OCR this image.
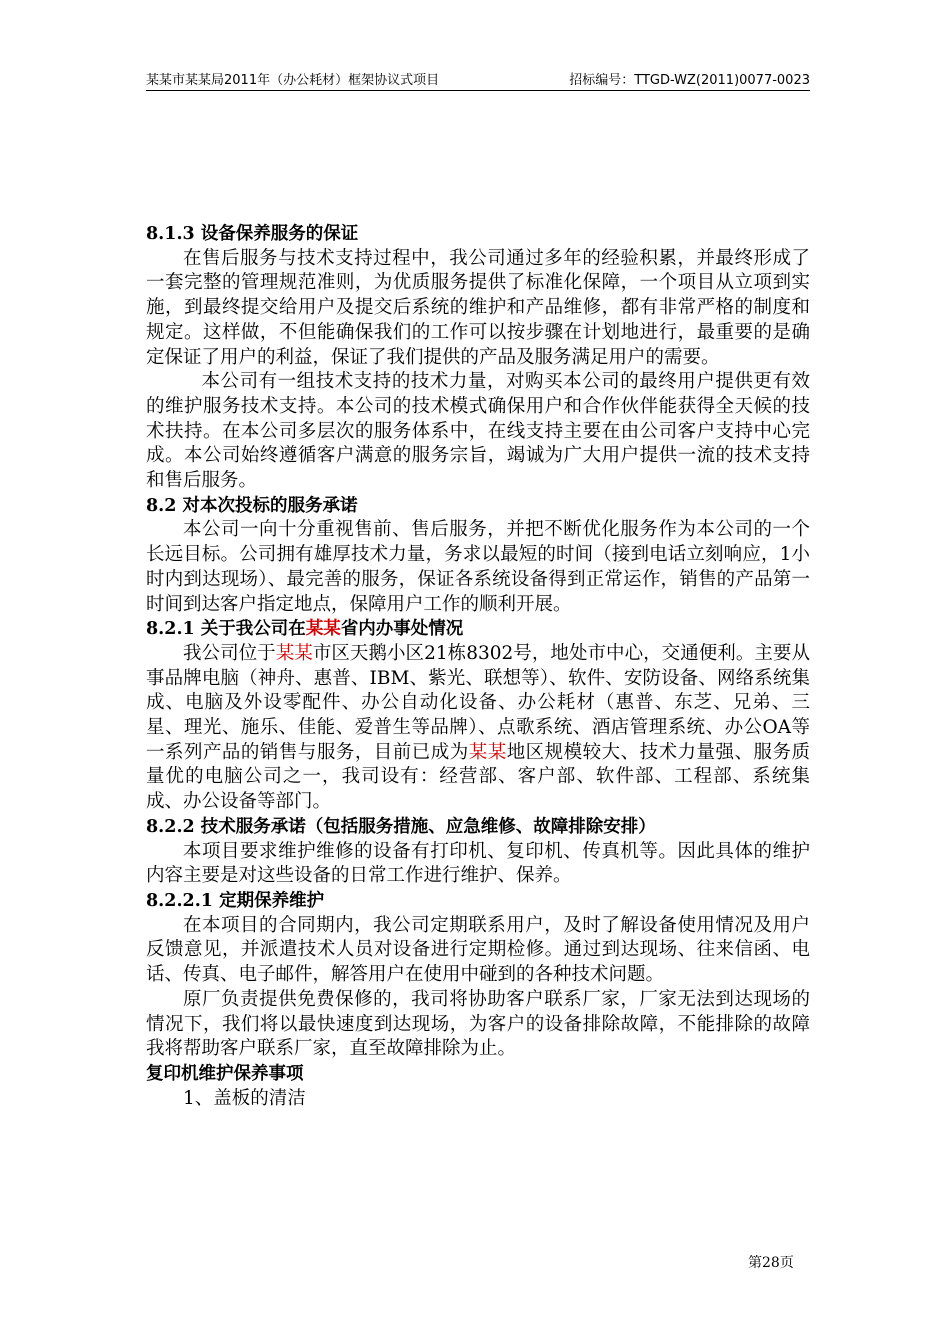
某某市某某局2011年（办公耗材）框架协议式项目	招标编号：TTGD-WZ(2011)0077-0023

8.1.3 设备保养服务的保证

在售后服务与技术支持过程中，我公司通过多年的经验积累，并最终形成了一套完整的管理规范准则，为优质服务提供了标准化保障，一个项目从立项到实施，到最终提交给用户及提交后系统的维护和产品维修，都有非常严格的制度和规定。这样做，不但能确保我们的工作可以按步骤在计划地进行，最重要的是确定保证了用户的利益，保证了我们提供的产品及服务满足用户的需要。

本公司有一组技术支持的技术力量，对购买本公司的最终用户提供更有效的维护服务技术支持。本公司的技术模式确保用户和合作伙伴能获得全天候的技术扶持。在本公司多层次的服务体系中，在线支持主要在由公司客户支持中心完成。本公司始终遵循客户满意的服务宗旨，竭诚为广大用户提供一流的技术支持和售后服务。

8.2 对本次投标的服务承诺

本公司一向十分重视售前、售后服务，并把不断优化服务作为本公司的一个长远目标。公司拥有雄厚技术力量，务求以最短的时间（接到电话立刻响应，1小时内到达现场）、最完善的服务，保证各系统设备得到正常运作，销售的产品第一时间到达客户指定地点，保障用户工作的顺利开展。

8.2.1 关于我公司在某某省内办事处情况

我公司位于某某市区天鹅小区21栋8302号，地处市中心，交通便利。主要从事品牌电脑（神舟、惠普、IBM、紫光、联想等）、软件、安防设备、网络系统集成、电脑及外设零配件、办公自动化设备、办公耗材（惠普、东芝、兄弟、三星、理光、施乐、佳能、爱普生等品牌）、点歌系统、酒店管理系统、办公OA等一系列产品的销售与服务，目前已成为某某地区规模较大、技术力量强、服务质量优的电脑公司之一，我司设有：经营部、客户部、软件部、工程部、系统集成、办公设备等部门。

8.2.2 技术服务承诺（包括服务措施、应急维修、故障排除安排）

本项目要求维护维修的设备有打印机、复印机、传真机等。因此具体的维护内容主要是对这些设备的日常工作进行维护、保养。

8.2.2.1 定期保养维护

在本项目的合同期内，我公司定期联系用户，及时了解设备使用情况及用户反馈意见，并派遣技术人员对设备进行定期检修。通过到达现场、往来信函、电话、传真、电子邮件，解答用户在使用中碰到的各种技术问题。

原厂负责提供免费保修的，我司将协助客户联系厂家，厂家无法到达现场的情况下，我们将以最快速度到达现场，为客户的设备排除故障，不能排除的故障我将帮助客户联系厂家，直至故障排除为止。

复印机维护保养事项

1、盖板的清洁

第28页
